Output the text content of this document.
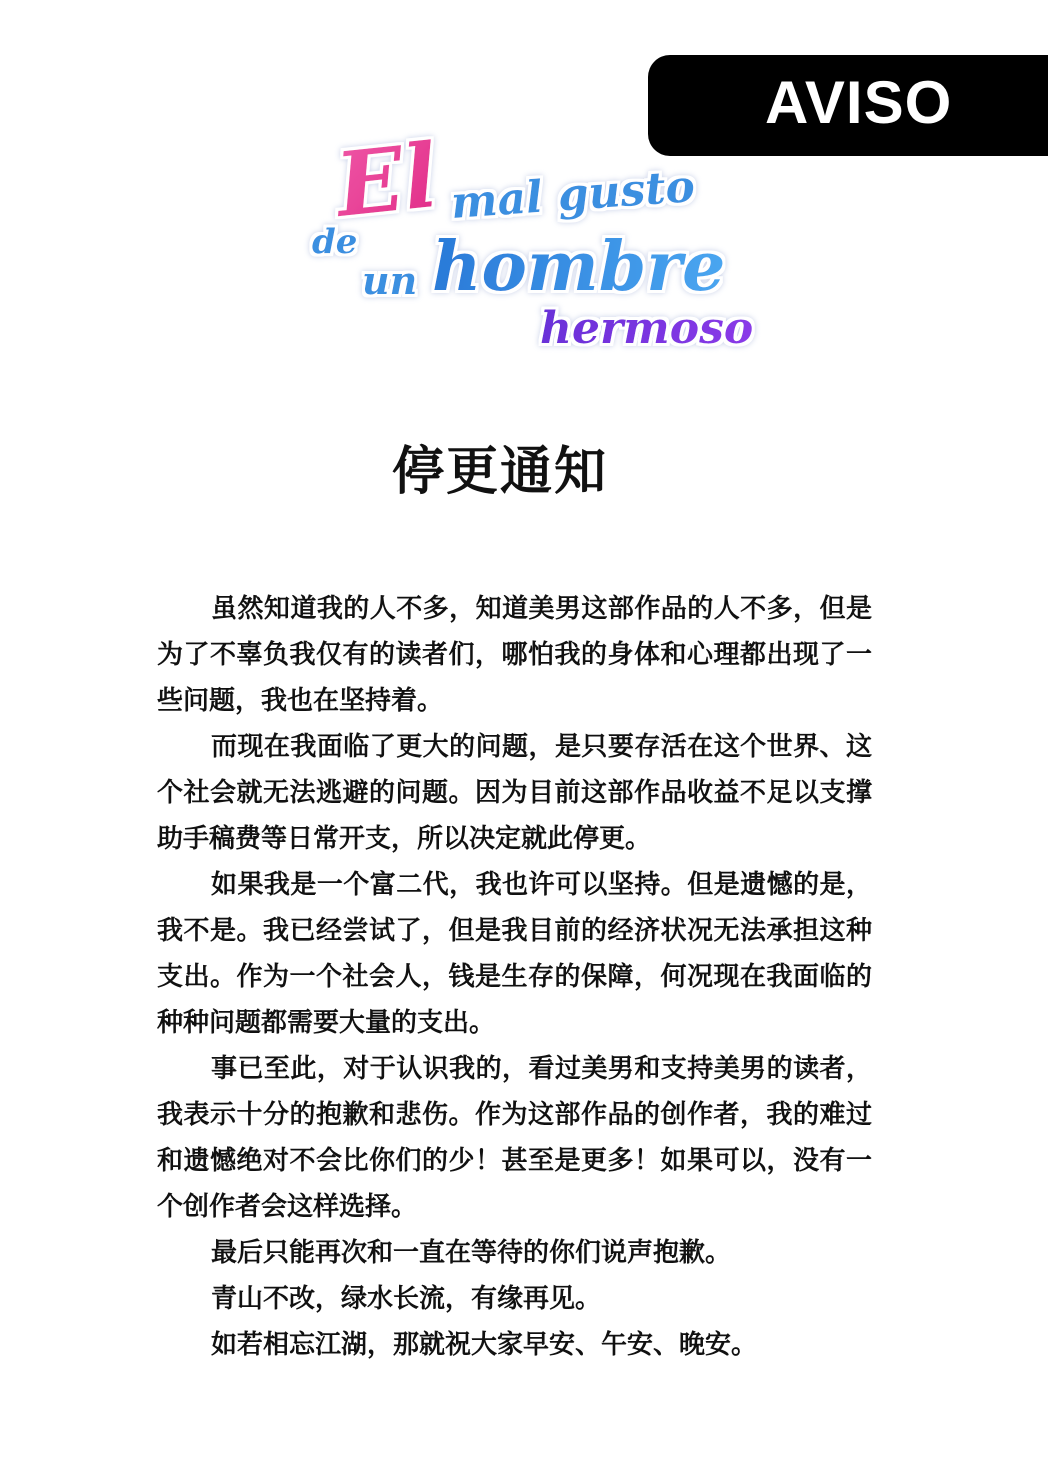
AVISO
El mal gusto
de
un hombre
hermoso
停更通知

虽然知道我的人不多，知道美男这部作品的人不多，但是为了不辜负我仅有的读者们，哪怕我的身体和心理都出现了一些问题，我也在坚持着。

而现在我面临了更大的问题，是只要存活在这个世界、这个社会就无法逃避的问题。因为目前这部作品收益不足以支撑助手稿费等日常开支，所以决定就此停更。

如果我是一个富二代，我也许可以坚持。但是遗憾的是，我不是。我已经尝试了，但是我目前的经济状况无法承担这种支出。作为一个社会人，钱是生存的保障，何况现在我面临的种种问题都需要大量的支出。

事已至此，对于认识我的，看过美男和支持美男的读者，我表示十分的抱歉和悲伤。作为这部作品的创作者，我的难过和遗憾绝对不会比你们的少！甚至是更多！如果可以，没有一个创作者会这样选择。

最后只能再次和一直在等待的你们说声抱歉。

青山不改，绿水长流，有缘再见。

如若相忘江湖，那就祝大家早安、午安、晚安。
